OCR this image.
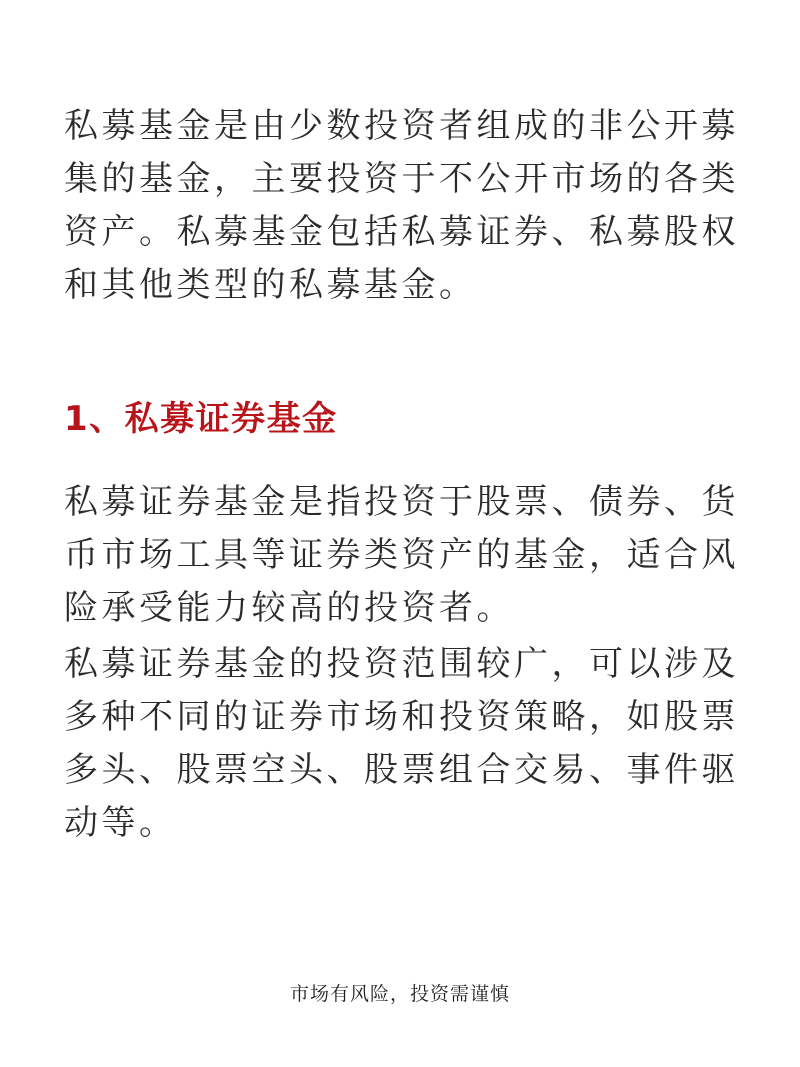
私募基金是由少数投资者组成的非公开募集的基金，主要投资于不公开市场的各类资产。私募基金包括私募证券、私募股权和其他类型的私募基金。

1、私募证券基金

私募证券基金是指投资于股票、债券、货币市场工具等证券类资产的基金，适合风险承受能力较高的投资者。

私募证券基金的投资范围较广，可以涉及多种不同的证券市场和投资策略，如股票多头、股票空头、股票组合交易、事件驱动等。

市场有风险，投资需谨慎
